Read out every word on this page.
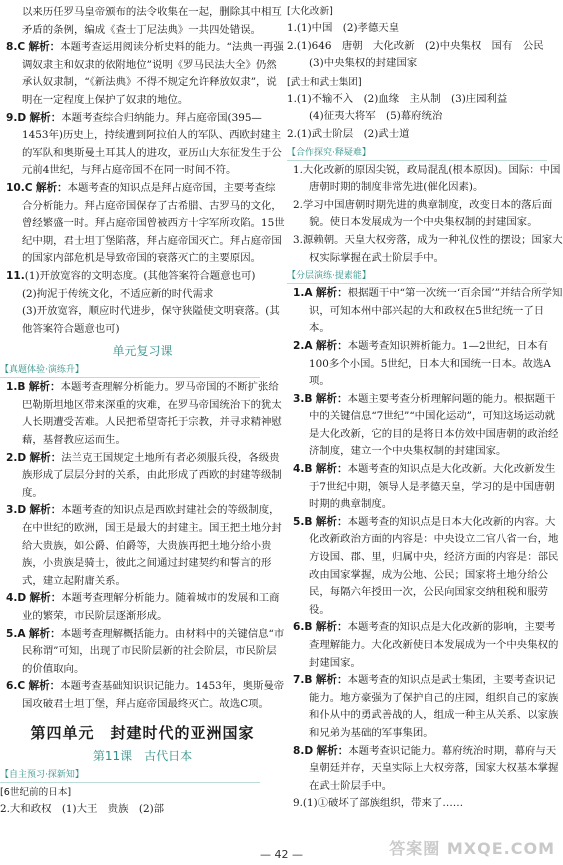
以来历任罗马皇帝颁布的法令收集在一起，删除其中相互

矛盾的条例，编成《查士丁尼法典》一共四处错误。

8.C 解析：本题考查运用阅读分析史料的能力。“法典一再强调奴隶主和奴隶的依附地位”说明《罗马民法大全》仍然承认奴隶制，“《新法典》不得不规定允许释放奴隶”，说明在一定程度上保护了奴隶的地位。

9.D 解析：本题考查综合归纳能力。拜占庭帝国(395—1453年)历史上，持续遭到阿拉伯人的军队、西欧封建主的军队和奥斯曼土耳其人的进攻，亚历山大东征发生于公元前4世纪，与拜占庭帝国不在同一时间不符。

10.C 解析：本题考查的知识点是拜占庭帝国，主要考查综合分析能力。拜占庭帝国保存了古希腊、古罗马的文化，曾经繁盛一时。拜占庭帝国曾被西方十字军所攻陷。15世纪中期，君士坦丁堡陷落，拜占庭帝国灭亡。拜占庭帝国的国家内部危机是导致帝国的衰落灭亡的主要原因。

11.(1)开放宽容的文明态度。(其他答案符合题意也可)

(2)拘泥于传统文化，不适应新的时代需求

(3)开放宽容，顺应时代进步，保守狭隘使文明衰落。(其他答案符合题意也可)

单元复习课
【真题体验·演练升】

1.B 解析：本题考查理解分析能力。罗马帝国的不断扩张给巴勒斯坦地区带来深重的灾难，在罗马帝国统治下的犹太人长期遭受苦难。人民把希望寄托于宗教，并寻求精神慰藉，基督教应运而生。

2.D 解析：法兰克王国规定土地所有者必须服兵役，各级贵族形成了层层分封的关系，由此形成了西欧的封建等级制度。

3.D 解析：本题考查的知识点是西欧封建社会的等级制度，在中世纪的欧洲，国王是最大的封建主。国王把土地分封给大贵族，如公爵、伯爵等，大贵族再把土地分给小贵族，小贵族是骑士，彼此之间通过封建契约和誓言的形式，建立起附庸关系。

4.D 解析：本题考查理解分析能力。随着城市的发展和工商业的繁荣，市民阶层逐渐形成。

5.A 解析：本题考查理解概括能力。由材料中的关键信息“市民称谓”可知，出现了市民阶层新的社会阶层，市民阶层的价值取向。

6.C 解析：本题考查基础知识识记能力。1453年，奥斯曼帝国攻破君士坦丁堡，拜占庭帝国最终灭亡。故选C项。

第四单元　封建时代的亚洲国家
第11课　古代日本
【自主预习·探新知】

[6世纪前的日本]

2.大和政权　(1)大王　贵族　(2)部

[大化改新]

1.(1)中国　(2)孝德天皇

2.(1)646　唐朝　大化改新　(2)中央集权　国有　公民

(3)中央集权的封建国家

[武士和武士集团]

1.(1)不输不入　(2)血缘　主从制　(3)庄园利益

(4)征夷大将军　(5)幕府统治

2.(1)武士阶层　(2)武士道

【合作探究·释疑难】

1.大化改新的原因尖锐，政局混乱(根本原因)。国际：中国唐朝时期的制度非常先进(催化因素)。

2.学习中国唐朝时期先进的典章制度，改变日本的落后面貌。使日本发展成为一个中央集权制的封建国家。

3.源赖朝。天皇大权旁落，成为一种礼仪性的摆设；国家大权实际掌握在武士阶层手中。

【分层演练·提素能】

1.A 解析：根据题干中“第一次统一‘百余国’”并结合所学知识，可知本州中部兴起的大和政权在5世纪统一了日本。

2.A 解析：本题考查知识辨析能力。1—2世纪，日本有100多个小国。5世纪，日本大和国统一日本。故选A项。

3.B 解析：本题主要考查分析理解问题的能力。根据题干中的关键信息“7世纪”“中国化运动”，可知这场运动就是大化改新，它的目的是将日本仿效中国唐朝的政治经济制度，建立一个中央集权制的封建国家。

4.B 解析：本题考查的知识点是大化改新。大化改新发生于7世纪中期，领导人是孝德天皇，学习的是中国唐朝时期的典章制度。

5.B 解析：本题考查的知识点是日本大化改新的内容。大化改新政治方面的内容是：中央设立二官八省一台，地方设国、郡、里，归属中央，经济方面的内容是：部民改由国家掌握，成为公地、公民；国家将土地分给公民，每隔六年授田一次，公民向国家交纳租税和服劳役。

6.B 解析：本题考查的知识点是大化改新的影响，主要考查理解能力。大化改新使日本发展成为一个中央集权的封建国家。

7.B 解析：本题考查的知识点是武士集团，主要考查识记能力。地方豪强为了保护自己的庄园，组织自己的家族和仆从中的勇武善战的人，组成一种主从关系、以家族和兄弟为基础的军事集团。

8.D 解析：本题考查识记能力。幕府统治时期，幕府与天皇朝廷并存，天皇实际上大权旁落，国家大权基本掌握在武士阶层手中。

9.(1)①破坏了部族组织，带来了……

— 42 —	答案圈 MXQE.COM
